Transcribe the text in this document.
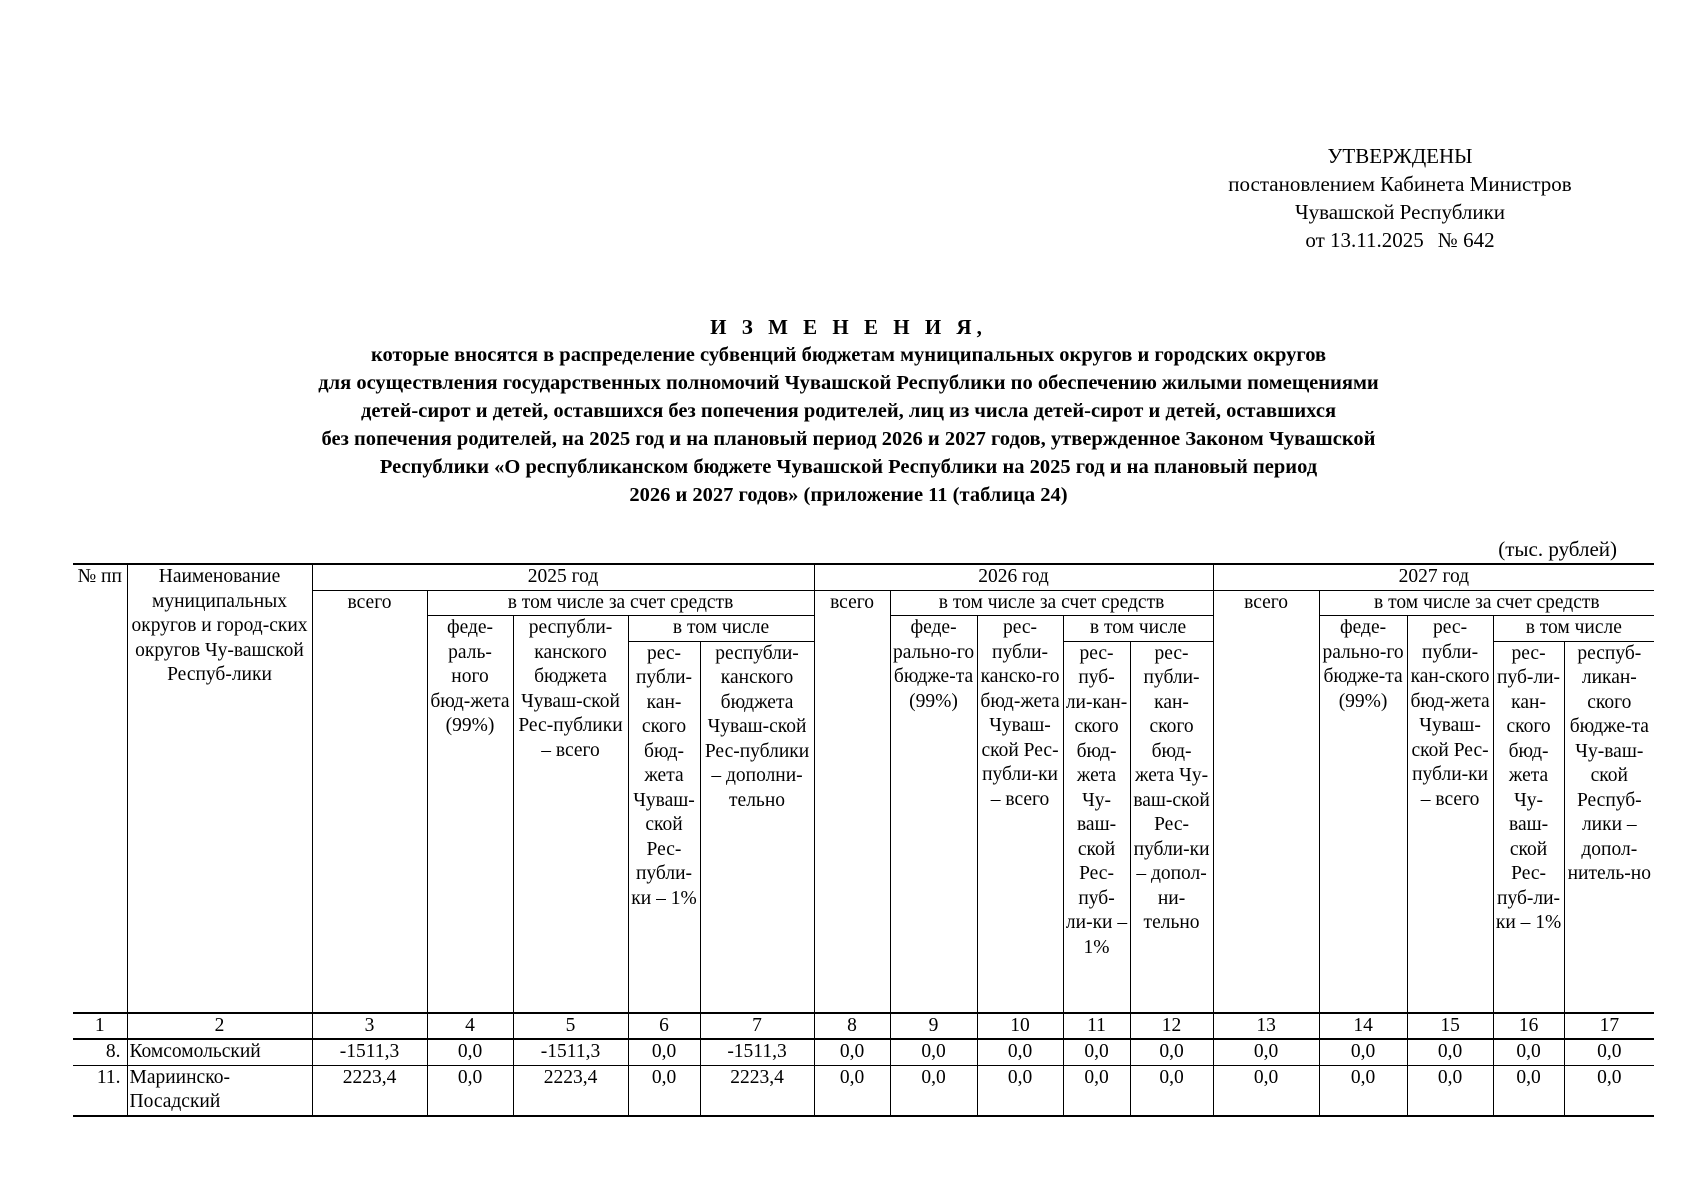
УТВЕРЖДЕНЫ
постановлением Кабинета Министров
Чувашской Республики
от 13.11.2025 № 642
И З М Е Н Е Н И Я,
которые вносятся в распределение субвенций бюджетам муниципальных округов и городских округов
для осуществления государственных полномочий Чувашской Республики по обеспечению жилыми помещениями
детей-сирот и детей, оставшихся без попечения родителей, лиц из числа детей-сирот и детей, оставшихся
без попечения родителей, на 2025 год и на плановый период 2026 и 2027 годов, утвержденное Законом Чувашской
Республики «О республиканском бюджете Чувашской Республики на 2025 год и на плановый период
2026 и 2027 годов» (приложение 11 (таблица 24)
(тыс. рублей)
№ пп	Наименование муниципальных округов и город-ских округов Чу-вашской Респуб-лики	2025 год					2026 год					2027 год				
		всего	в том числе за счет средств				всего	в том числе за счет средств				всего	в том числе за счет средств			
			феде-раль-ного бюд-жета (99%)	республи-канского бюджета Чуваш-ской Рес-публики – всего	в том числе			феде-рально-го бюдже-та (99%)	рес-публи-канско-го бюд-жета Чуваш-ской Рес-публи-ки – всего	в том числе			феде-рально-го бюдже-та (99%)	рес-публи-кан-ского бюд-жета Чуваш-ской Рес-публи-ки – всего	в том числе	
					рес-публи-кан-ского бюд-жета Чуваш-ской Рес-публи-ки – 1%	республи-канского бюджета Чуваш-ской Рес-публики – дополни-тельно				рес-пуб-ли-кан-ского бюд-жета Чу-ваш-ской Рес-пуб-ли-ки – 1%	рес-публи-кан-ского бюд-жета Чу-ваш-ской Рес-публи-ки – допол-ни-тельно				рес-пуб-ли-кан-ского бюд-жета Чу-ваш-ской Рес-пуб-ли-ки – 1%	респуб-ликан-ского бюдже-та Чу-ваш-ской Респуб-лики – допол-нитель-но
1	2	3	4	5	6	7	8	9	10	11	12	13	14	15	16	17
8.	Комсомольский	-1511,3	0,0	-1511,3	0,0	-1511,3	0,0	0,0	0,0	0,0	0,0	0,0	0,0	0,0	0,0	0,0
11.	Мариинско-Посадский	2223,4	0,0	2223,4	0,0	2223,4	0,0	0,0	0,0	0,0	0,0	0,0	0,0	0,0	0,0	0,0
